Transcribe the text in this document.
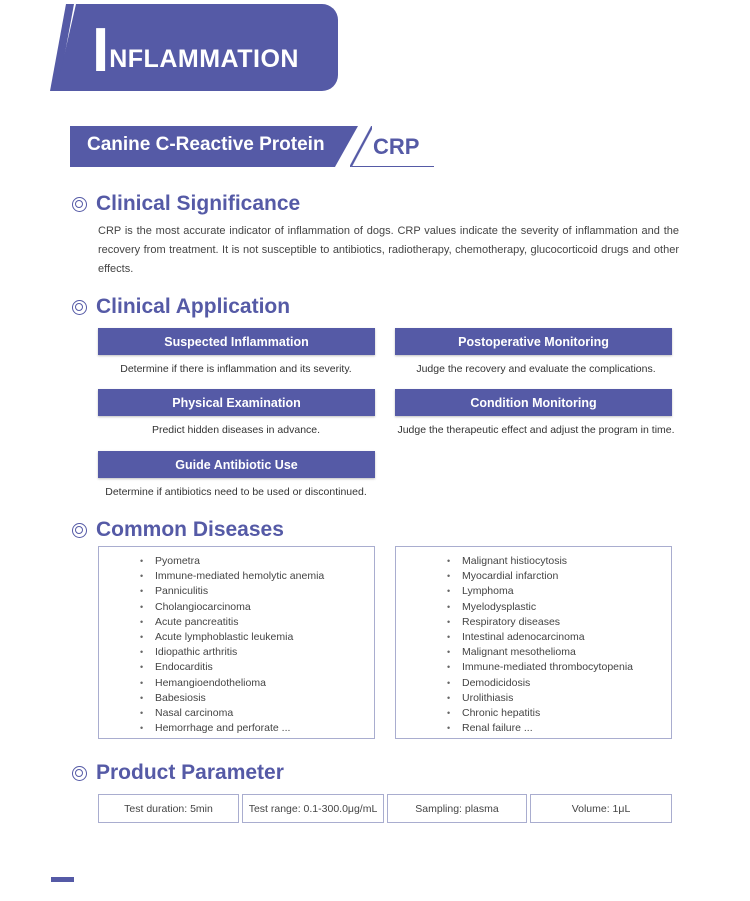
INFLAMMATION
Canine C-Reactive Protein CRP
Clinical Significance

CRP is the most accurate indicator of inflammation of dogs. CRP values indicate the severity of inflammation and the recovery from treatment. It is not susceptible to antibiotics, radiotherapy, chemotherapy, glucocorticoid drugs and other effects.

Clinical Application
Suspected Inflammation
Determine if there is inflammation and its severity.
Postoperative Monitoring
Judge the recovery and evaluate the complications.
Physical Examination
Predict hidden diseases in advance.
Condition Monitoring
Judge the therapeutic effect and adjust the program in time.
Guide Antibiotic Use
Determine if antibiotics need to be used or discontinued.
Common Diseases
• Pyometra
• Immune-mediated hemolytic anemia
• Panniculitis
• Cholangiocarcinoma
• Acute pancreatitis
• Acute lymphoblastic leukemia
• Idiopathic arthritis
• Endocarditis
• Hemangioendothelioma
• Babesiosis
• Nasal carcinoma
• Hemorrhage and perforate ...
• Malignant histiocytosis
• Myocardial infarction
• Lymphoma
• Myelodysplastic
• Respiratory diseases
• Intestinal adenocarcinoma
• Malignant mesothelioma
• Immune-mediated thrombocytopenia
• Demodicidosis
• Urolithiasis
• Chronic hepatitis
• Renal failure ...
Product Parameter
Test duration: 5min	Test range: 0.1-300.0μg/mL	Sampling: plasma	Volume: 1μL
